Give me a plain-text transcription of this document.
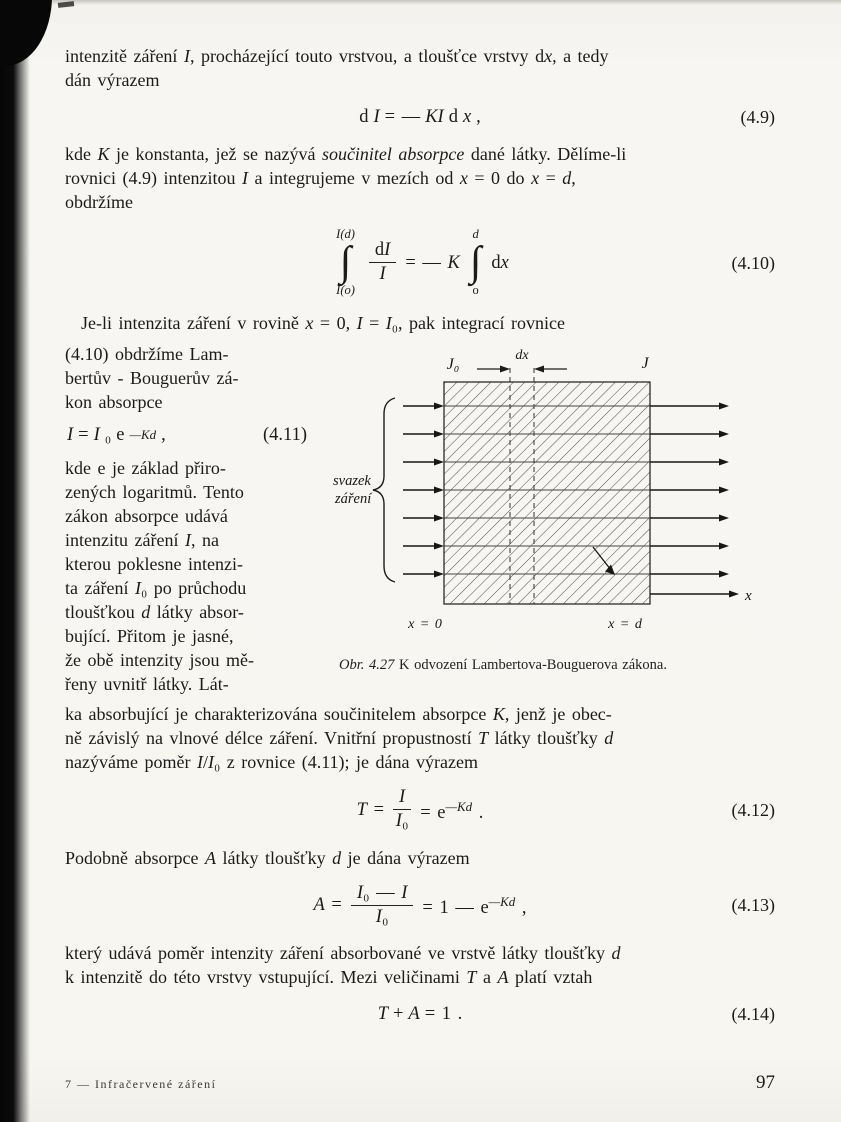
intenzitě záření I, procházející touto vrstvou, a tloušťce vrstvy dx, a tedy
dán výrazem

d I = — KI d x ,	(4.9)

kde K je konstanta, jež se nazývá součinitel absorpce dané látky. Dělíme-li
rovnici (4.9) intenzitou I a integrujeme v mezích od x = 0 do x = d,
obdržíme

I(d)
∫
I(o)
$\frac{dI}{I}$ = — K
d
∫
o
dx	(4.10)

Je-li intenzita záření v rovině x = 0, I = I₀, pak integrací rovnice

(4.10) obdržíme Lam-
bertův - Bouguerův zá-
kon absorpce
I = I ₀ e —Kd ,	(4.11)
kde e je základ přiro-
zených logaritmů. Tento
zákon absorpce udává
intenzitu záření I, na
kterou poklesne intenzi-
ta záření I₀ po průchodu
tloušťkou d látky absor-
bující. Přitom je jasné,
že obě intenzity jsou mě-
řeny uvnitř látky. Lát-
J₀
dx	J
svazek
záření
x = 0	x = d
x
Obr. 4.27 K odvození Lambertova-Bouguerova zákona.

ka absorbující je charakterizována součinitelem absorpce K, jenž je obec-
ně závislý na vlnové délce záření. Vnitřní propustností T látky tloušťky d
nazýváme poměr I/I₀ z rovnice (4.11); je dána výrazem

$T = \frac{I}{\text{I₀}} = e^{—Kd}$ .	(4.12)

Podobně absorpce A látky tloušťky d je dána výrazem

$A = \frac{\text{I₀ — I}}{\text{I₀}} = 1$ — $e^{—Kd}$ ,	(4.13)

který udává poměr intenzity záření absorbované ve vrstvě látky tloušťky d
k intenzitě do této vrstvy vstupující. Mezi veličinami T a A platí vztah

T + A = 1 .	(4.14)
7 — Infračervené záření	97
